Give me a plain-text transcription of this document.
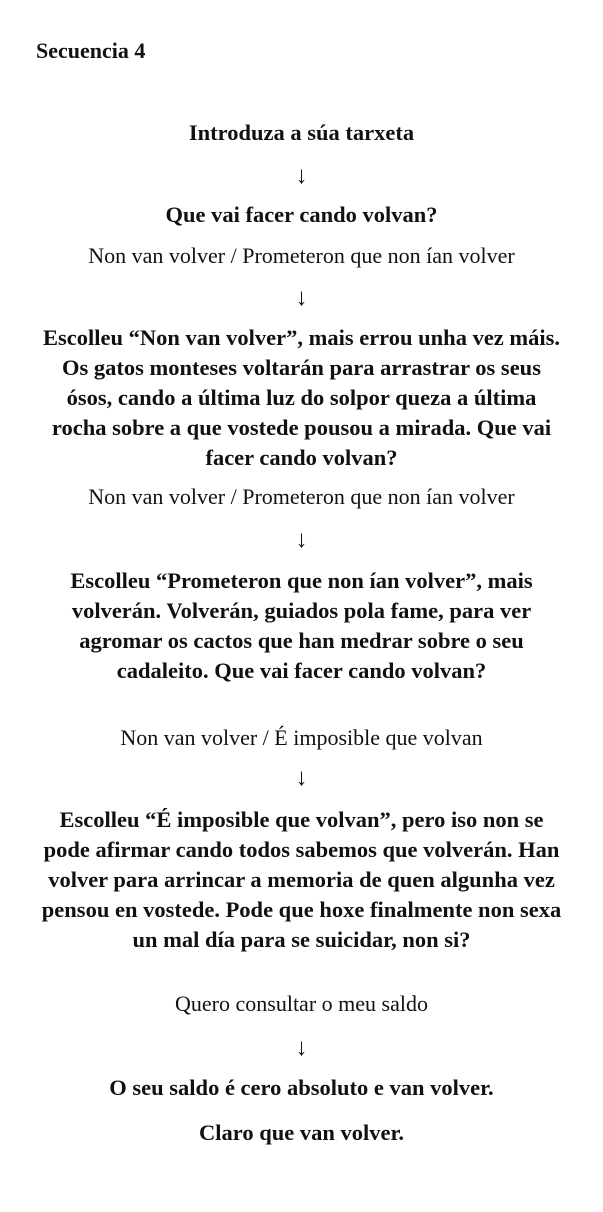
Secuencia 4

Introduza a súa tarxeta

↓

Que vai facer cando volvan?

Non van volver / Prometeron que non ían volver

↓

Escolleu “Non van volver”, mais errou unha vez máis. Os gatos monteses voltarán para arrastrar os seus ósos, cando a última luz do solpor queza a última rocha sobre a que vostede pousou a mirada. Que vai facer cando volvan?

Non van volver / Prometeron que non ían volver

↓

Escolleu “Prometeron que non ían volver”, mais volverán. Volverán, guiados pola fame, para ver agromar os cactos que han medrar sobre o seu cadaleito. Que vai facer cando volvan?

Non van volver / É imposible que volvan

↓

Escolleu “É imposible que volvan”, pero iso non se pode afirmar cando todos sabemos que volverán. Han volver para arrincar a memoria de quen algunha vez pensou en vostede. Pode que hoxe finalmente non sexa un mal día para se suicidar, non si?

Quero consultar o meu saldo

↓

O seu saldo é cero absoluto e van volver.

Claro que van volver.
